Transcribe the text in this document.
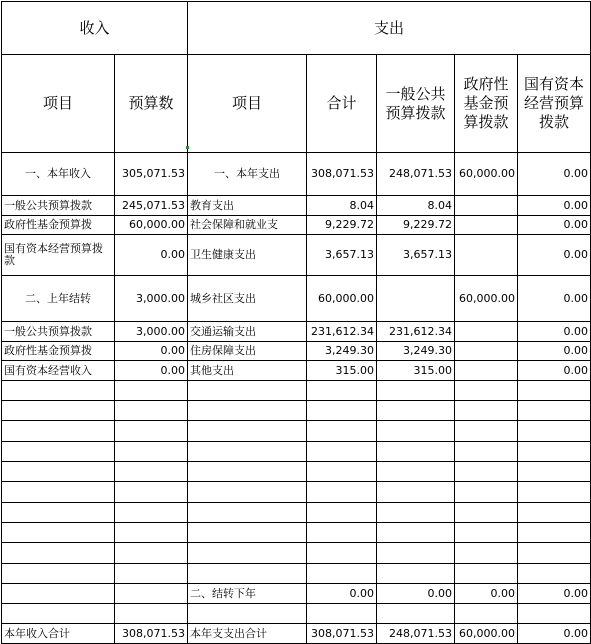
收入		支出				
项目	预算数	项目	合计	一般公共预算拨款	政府性基金预算拨款	国有资本经营预算拨款
一、本年收入	305,071.53	一、本年支出	308,071.53	248,071.53	60,000.00	0.00
一般公共预算拨款	245,071.53	教育支出	8.04	8.04		0.00
政府性基金预算拨	60,000.00	社会保障和就业支	9,229.72	9,229.72		0.00
国有资本经营预算拨款	0.00	卫生健康支出	3,657.13	3,657.13		0.00
二、上年结转	3,000.00	城乡社区支出	60,000.00		60,000.00	0.00
一般公共预算拨款	3,000.00	交通运输支出	231,612.34	231,612.34		0.00
政府性基金预算拨	0.00	住房保障支出	3,249.30	3,249.30		0.00
国有资本经营收入	0.00	其他支出	315.00	315.00		0.00

		二、结转下年	0.00	0.00	0.00	0.00

本年收入合计	308,071.53	本年支支出合计	308,071.53	248,071.53	60,000.00	0.00
